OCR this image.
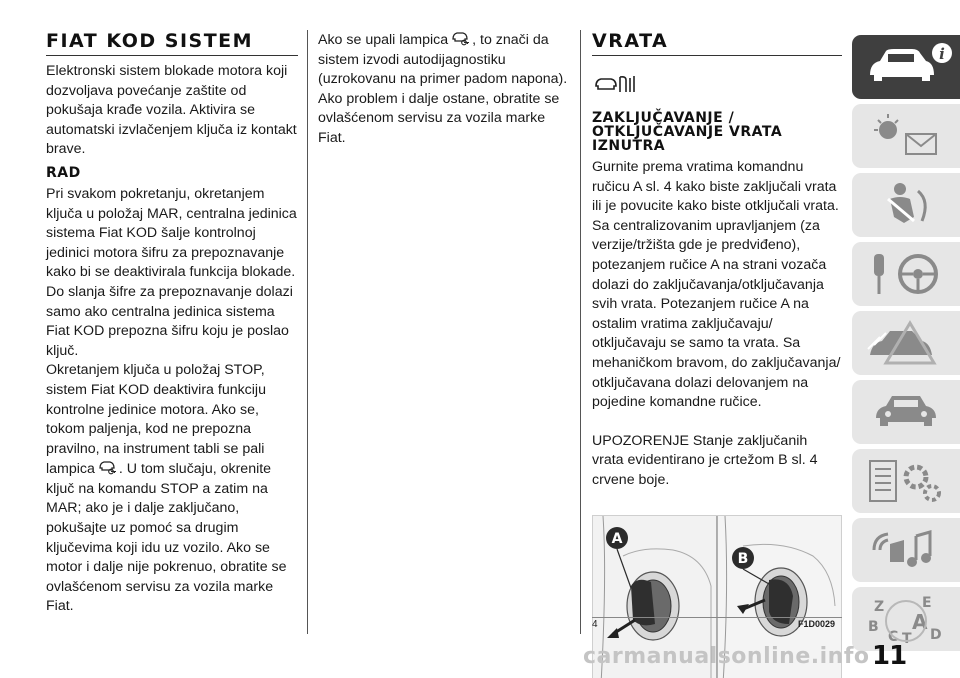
FIAT KOD SISTEM
Elektronski sistem blokade motora koji dozvoljava povećanje zaštite od pokušaja krađe vozila. Aktivira se automatski izvlačenjem ključa iz kontakt brave.
RAD
Pri svakom pokretanju, okretanjem ključa u položaj MAR, centralna jedinica sistema Fiat KOD šalje kontrolnoj jedinici motora šifru za prepoznavanje kako bi se deaktivirala funkcija blokade. Do slanja šifre za prepoznavanje dolazi samo ako centralna jedinica sistema Fiat KOD prepozna šifru koju je poslao ključ.
Okretanjem ključa u položaj STOP, sistem Fiat KOD deaktivira funkciju kontrolne jedinice motora. Ako se, tokom paljenja, kod ne prepozna pravilno, na instrument tabli se pali lampica . U tom slučaju, okrenite ključ na komandu STOP a zatim na MAR; ako je i dalje zaključano, pokušajte uz pomoć sa drugim ključevima koji idu uz vozilo. Ako se motor i dalje nije pokrenuo, obratite se ovlašćenom servisu za vozila marke Fiat.
Ako se upali lampica , to znači da sistem izvodi autodijagnostiku (uzrokovanu na primer padom napona). Ako problem i dalje ostane, obratite se ovlašćenom servisu za vozila marke Fiat.
VRATA
ZAKLJUČAVANJE / OTKLJUČAVANJE VRATA IZNUTRA
Gurnite prema vratima komandnu ručicu A sl. 4 kako biste zaključali vrata ili je povucite kako biste otključali vrata. Sa centralizovanim upravljanjem (za verzije/tržišta gde je predviđeno), potezanjem ručice A na strani vozača dolazi do zaključavanja/otključavanja svih vrata. Potezanjem ručice A na ostalim vratima zaključavaju/ otključavaju se samo ta vrata. Sa mehaničkom bravom, do zaključavanja/ otključavana dolazi delovanjem na pojedine komandne ručice.
UPOZORENJE Stanje zaključanih vrata evidentirano je crtežom B sl. 4 crvene boje.
A
B
4	F1D0029
i
Z	E
B A
C T D
carmanualsonline.info 11
